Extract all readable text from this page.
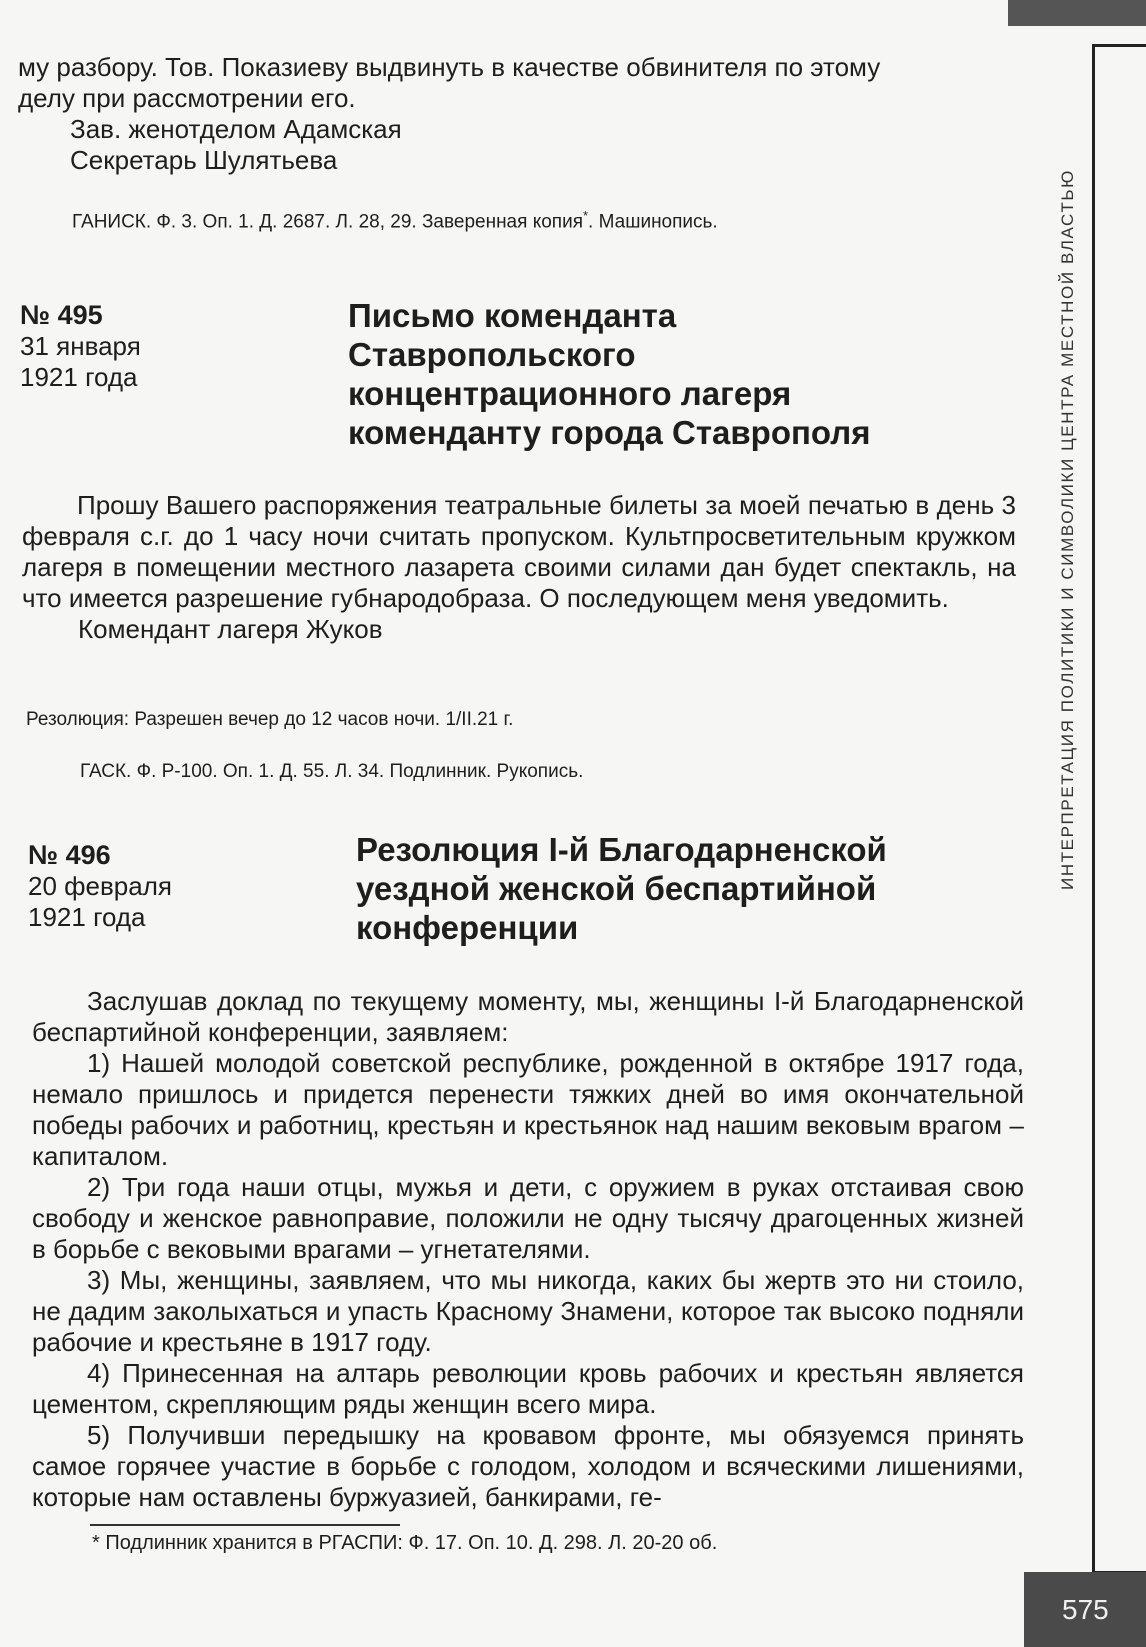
ИНТЕРПРЕТАЦИЯ ПОЛИТИКИ И СИМВОЛИКИ ЦЕНТРА МЕСТНОЙ ВЛАСТЬЮ
575

му разбору. Тов. Показиеву выдвинуть в качестве обвинителя по этому

делу при рассмотрении его.

Зав. женотделом Адамская

Секретарь Шулятьева

ГАНИСК. Ф. 3. Оп. 1. Д. 2687. Л. 28, 29. Заверенная копия*. Машинопись.

№ 495
31 января
1921 года
Письмо коменданта
Ставропольского
концентрационного лагеря
коменданту города Ставрополя

Прошу Вашего распоряжения театральные билеты за моей печатью в день 3 февраля с.г. до 1 часу ночи считать пропуском. Культпросветительным кружком лагеря в помещении местного лазарета своими силами дан будет спектакль, на что имеется разрешение губнародобраза. О последующем меня уведомить.

Комендант лагеря Жуков

Резолюция: Разрешен вечер до 12 часов ночи. 1/II.21 г.

ГАСК. Ф. Р-100. Оп. 1. Д. 55. Л. 34. Подлинник. Рукопись.

№ 496
20 февраля
1921 года
Резолюция I-й Благодарненской
уездной женской беспартийной
конференции

Заслушав доклад по текущему моменту, мы, женщины I-й Благодарненской беспартийной конференции, заявляем:

1) Нашей молодой советской республике, рожденной в октябре 1917 года, немало пришлось и придется перенести тяжких дней во имя окончательной победы рабочих и работниц, крестьян и крестьянок над нашим вековым врагом – капиталом.

2) Три года наши отцы, мужья и дети, с оружием в руках отстаивая свою свободу и женское равноправие, положили не одну тысячу драгоценных жизней в борьбе с вековыми врагами – угнетателями.

3) Мы, женщины, заявляем, что мы никогда, каких бы жертв это ни стоило, не дадим заколыхаться и упасть Красному Знамени, которое так высоко подняли рабочие и крестьяне в 1917 году.

4) Принесенная на алтарь революции кровь рабочих и крестьян является цементом, скрепляющим ряды женщин всего мира.

5) Получивши передышку на кровавом фронте, мы обязуемся принять самое горячее участие в борьбе с голодом, холодом и всяческими лишениями, которые нам оставлены буржуазией, банкирами, ге-

* Подлинник хранится в РГАСПИ: Ф. 17. Оп. 10. Д. 298. Л. 20-20 об.
